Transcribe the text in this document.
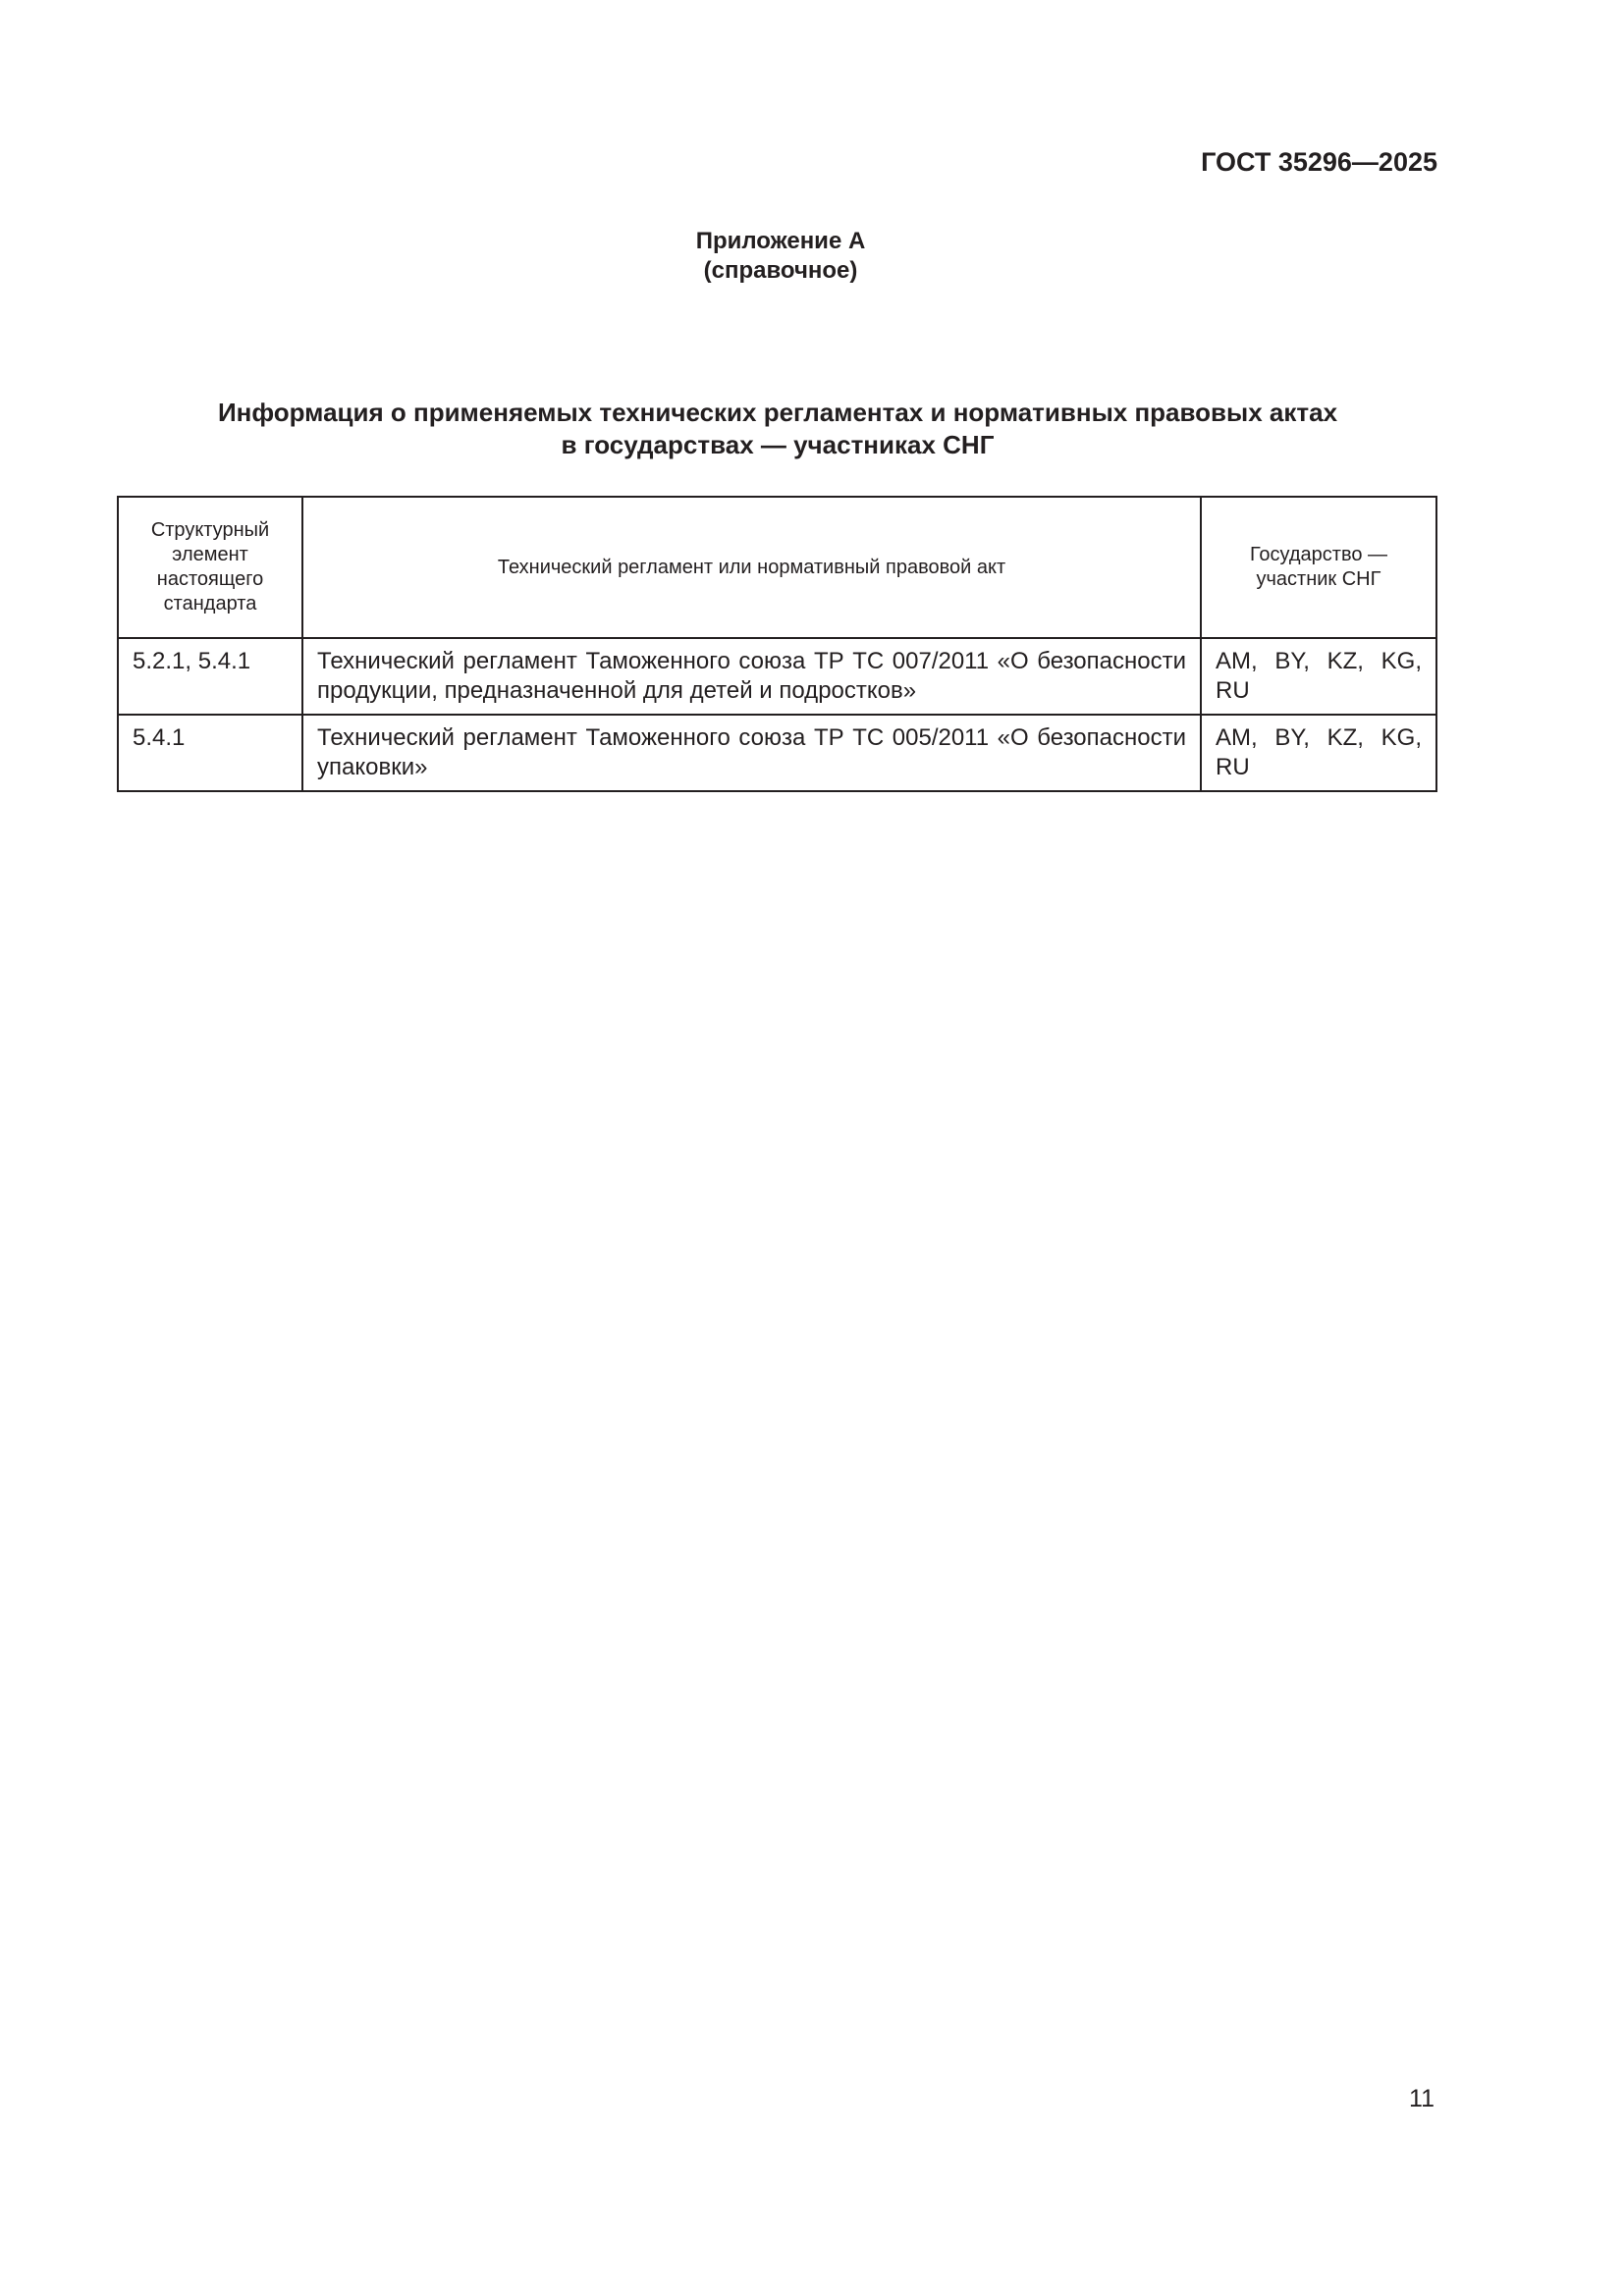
ГОСТ 35296—2025
Приложение А
(справочное)
Информация о применяемых технических регламентах и нормативных правовых актах
в государствах — участниках СНГ
Структурный элемент настоящего стандарта	Технический регламент или нормативный правовой акт	Государство — участник СНГ
5.2.1, 5.4.1	Технический регламент Таможенного союза ТР ТС 007/2011 «О безопасности продукции, предназначенной для детей и подростков»	AM, BY, KZ, KG, RU
5.4.1	Технический регламент Таможенного союза ТР ТС 005/2011 «О безопасности упаковки»	AM, BY, KZ, KG, RU
11
